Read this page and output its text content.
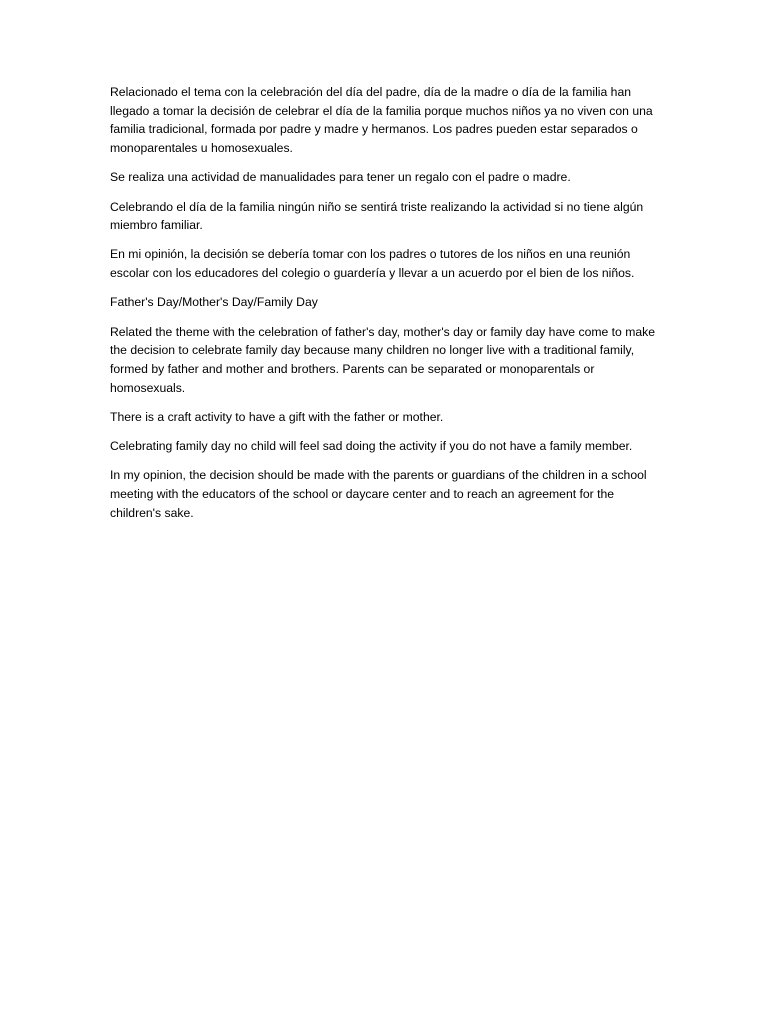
Relacionado el tema con la celebración del día del padre, día de la madre o día de la familia han llegado a tomar la decisión de celebrar el día de la familia porque muchos niños ya no viven con una familia tradicional, formada por padre y madre y hermanos. Los padres pueden estar separados o monoparentales u homosexuales.

Se realiza una actividad de manualidades para tener un regalo con el padre o madre.

Celebrando el día de la familia ningún niño se sentirá triste realizando la actividad si no tiene algún miembro familiar.

En mi opinión, la decisión se debería tomar con los padres o tutores de los niños en una reunión escolar con los educadores del colegio o guardería y llevar a un acuerdo por el bien de los niños.

Father's Day/Mother's Day/Family Day

Related the theme with the celebration of father's day, mother's day or family day have come to make the decision to celebrate family day because many children no longer live with a traditional family, formed by father and mother and brothers. Parents can be separated or monoparentals or homosexuals.

There is a craft activity to have a gift with the father or mother.

Celebrating family day no child will feel sad doing the activity if you do not have a family member.

In my opinion, the decision should be made with the parents or guardians of the children in a school meeting with the educators of the school or daycare center and to reach an agreement for the children's sake.
